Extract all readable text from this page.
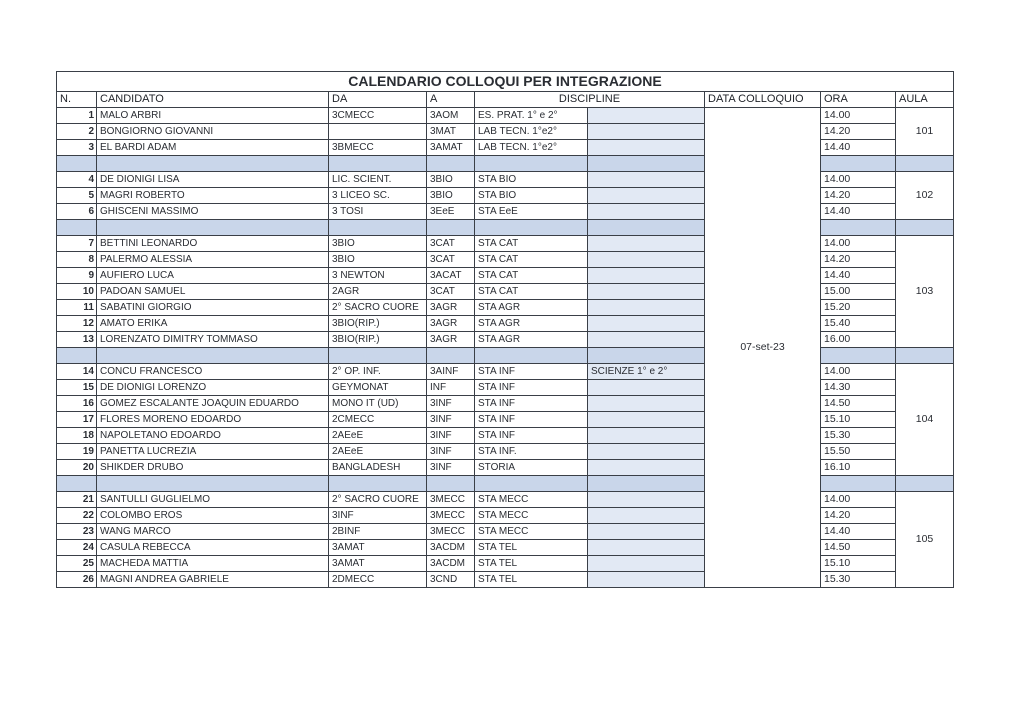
CALENDARIO COLLOQUI PER INTEGRAZIONE								
N.	CANDIDATO	DA	A	DISCIPLINE		DATA COLLOQUIO	ORA	AULA
1	MALO ARBRI	3CMECC	3AOM	ES. PRAT. 1° e 2°		07-set-23	14.00	101
2	BONGIORNO GIOVANNI		3MAT	LAB TECN. 1°e2°			14.20	
3	EL BARDI ADAM	3BMECC	3AMAT	LAB TECN. 1°e2°			14.40	

4	DE DIONIGI LISA	LIC. SCIENT.	3BIO	STA BIO			14.00	102
5	MAGRI ROBERTO	3 LICEO SC.	3BIO	STA BIO			14.20	
6	GHISCENI MASSIMO	3 TOSI	3EeE	STA EeE			14.40	

7	BETTINI LEONARDO	3BIO	3CAT	STA CAT			14.00	103
8	PALERMO ALESSIA	3BIO	3CAT	STA CAT			14.20	
9	AUFIERO LUCA	3 NEWTON	3ACAT	STA CAT			14.40	
10	PADOAN SAMUEL	2AGR	3CAT	STA CAT			15.00	
11	SABATINI GIORGIO	2° SACRO CUORE	3AGR	STA AGR			15.20	
12	AMATO ERIKA	3BIO(RIP.)	3AGR	STA AGR			15.40	
13	LORENZATO DIMITRY TOMMASO	3BIO(RIP.)	3AGR	STA AGR			16.00	

14	CONCU FRANCESCO	2° OP. INF.	3AINF	STA INF	SCIENZE 1° e 2°		14.00	104
15	DE DIONIGI LORENZO	GEYMONAT	INF	STA INF			14.30	
16	GOMEZ ESCALANTE JOAQUIN EDUARDO	MONO IT (UD)	3INF	STA INF			14.50	
17	FLORES MORENO EDOARDO	2CMECC	3INF	STA INF			15.10	
18	NAPOLETANO EDOARDO	2AEeE	3INF	STA INF			15.30	
19	PANETTA LUCREZIA	2AEeE	3INF	STA INF.			15.50	
20	SHIKDER DRUBO	BANGLADESH	3INF	STORIA			16.10	

21	SANTULLI GUGLIELMO	2° SACRO CUORE	3MECC	STA MECC			14.00	105
22	COLOMBO EROS	3INF	3MECC	STA MECC			14.20	
23	WANG MARCO	2BINF	3MECC	STA MECC			14.40	
24	CASULA REBECCA	3AMAT	3ACDM	STA TEL			14.50	
25	MACHEDA MATTIA	3AMAT	3ACDM	STA TEL			15.10	
26	MAGNI ANDREA GABRIELE	2DMECC	3CND	STA TEL			15.30	
